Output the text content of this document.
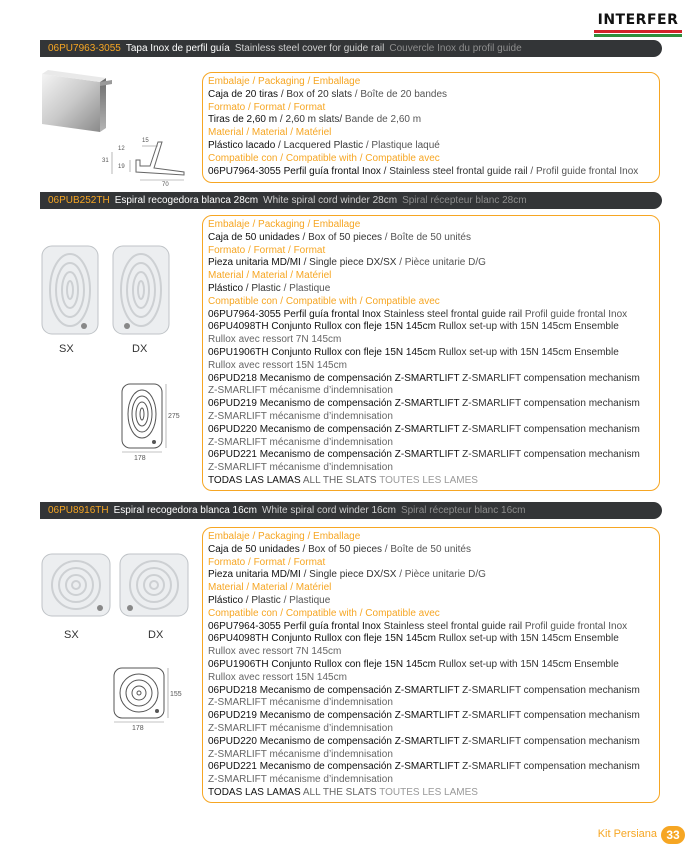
INTERFER
06PU7963-3055 Tapa Inox de perfil guía Stainless steel cover for guide rail Couvercle Inox du profil guide
15
12
31
19
70
Embalaje / Packaging / Emballage
Caja de 20 tiras / Box of 20 slats / Boîte de 20 bandes
Formato / Format / Format
Tiras de 2,60 m / 2,60 m slats/ Bande de 2,60 m
Material / Material / Matériel
Plástico lacado / Lacquered Plastic / Plastique laqué
Compatible con / Compatible with / Compatible avec
06PU7964-3055 Perfil guía frontal Inox / Stainless steel frontal guide rail / Profil guide frontal Inox
06PUB252TH Espiral recogedora blanca 28cm White spiral cord winder 28cm Spiral récepteur blanc 28cm
SX	DX
275
178
Embalaje / Packaging / Emballage
Caja de 50 unidades / Box of 50 pieces / Boîte de 50 unités
Formato / Format / Format
Pieza unitaria MD/MI / Single piece DX/SX / Pièce unitarie D/G
Material / Material / Matériel
Plástico / Plastic / Plastique
Compatible con / Compatible with / Compatible avec
06PU7964-3055 Perfil guía frontal Inox Stainless steel frontal guide rail Profil guide frontal Inox
06PU4098TH Conjunto Rullox con fleje 15N 145cm Rullox set-up with 15N 145cm Ensemble
Rullox avec ressort 7N 145cm
06PU1906TH Conjunto Rullox con fleje 15N 145cm Rullox set-up with 15N 145cm Ensemble
Rullox avec ressort 15N 145cm
06PUD218 Mecanismo de compensación Z-SMARTLIFT Z-SMARLIFT compensation mechanism
Z-SMARLIFT mécanisme d’indemnisation
06PUD219 Mecanismo de compensación Z-SMARTLIFT Z-SMARLIFT compensation mechanism
Z-SMARLIFT mécanisme d’indemnisation
06PUD220 Mecanismo de compensación Z-SMARTLIFT Z-SMARLIFT compensation mechanism
Z-SMARLIFT mécanisme d’indemnisation
06PUD221 Mecanismo de compensación Z-SMARTLIFT Z-SMARLIFT compensation mechanism
Z-SMARLIFT mécanisme d’indemnisation
TODAS LAS LAMAS ALL THE SLATS TOUTES LES LAMES
06PU8916TH Espiral recogedora blanca 16cm White spiral cord winder 16cm Spiral récepteur blanc 16cm
SX	DX
155
178
Embalaje / Packaging / Emballage
Caja de 50 unidades / Box of 50 pieces / Boîte de 50 unités
Formato / Format / Format
Pieza unitaria MD/MI / Single piece DX/SX / Pièce unitarie D/G
Material / Material / Matériel
Plástico / Plastic / Plastique
Compatible con / Compatible with / Compatible avec
06PU7964-3055 Perfil guía frontal Inox Stainless steel frontal guide rail Profil guide frontal Inox
06PU4098TH Conjunto Rullox con fleje 15N 145cm Rullox set-up with 15N 145cm Ensemble
Rullox avec ressort 7N 145cm
06PU1906TH Conjunto Rullox con fleje 15N 145cm Rullox set-up with 15N 145cm Ensemble
Rullox avec ressort 15N 145cm
06PUD218 Mecanismo de compensación Z-SMARTLIFT Z-SMARLIFT compensation mechanism
Z-SMARLIFT mécanisme d’indemnisation
06PUD219 Mecanismo de compensación Z-SMARTLIFT Z-SMARLIFT compensation mechanism
Z-SMARLIFT mécanisme d’indemnisation
06PUD220 Mecanismo de compensación Z-SMARTLIFT Z-SMARLIFT compensation mechanism
Z-SMARLIFT mécanisme d’indemnisation
06PUD221 Mecanismo de compensación Z-SMARTLIFT Z-SMARLIFT compensation mechanism
Z-SMARLIFT mécanisme d’indemnisation
TODAS LAS LAMAS ALL THE SLATS TOUTES LES LAMES
Kit Persiana 33
